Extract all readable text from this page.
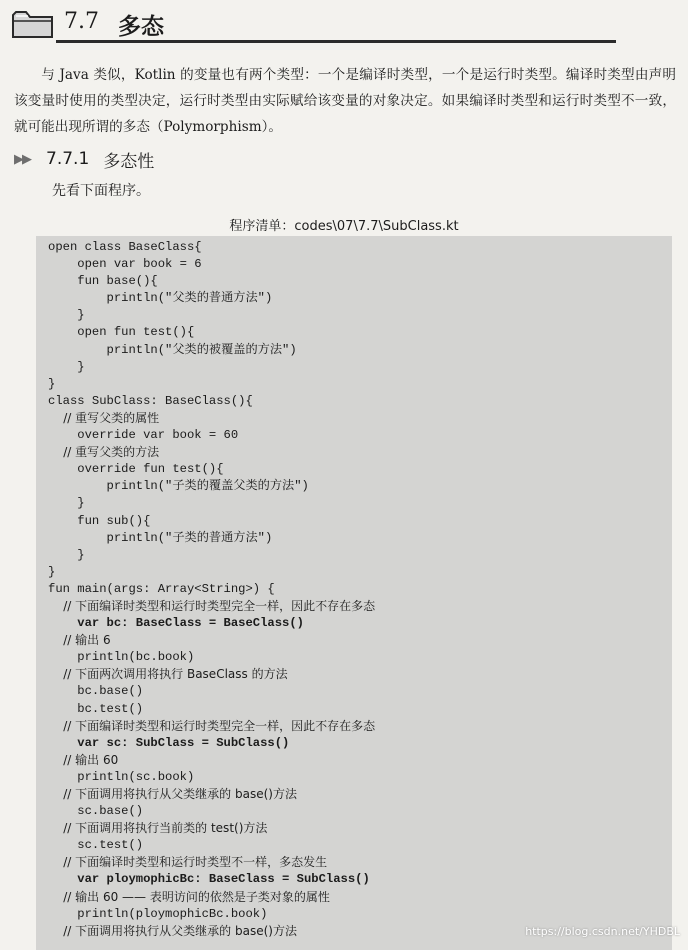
7.7 多态
与 Java 类似，Kotlin 的变量也有两个类型：一个是编译时类型，一个是运行时类型。编译时类型由声明该变量时使用的类型决定，运行时类型由实际赋给该变量的对象决定。如果编译时类型和运行时类型不一致，就可能出现所谓的多态（Polymorphism）。
▶▶ 7.7.1 多态性
先看下面程序。
程序清单：codes\07\7.7\SubClass.kt
open class BaseClass{
open var book = 6
fun base(){
println("父类的普通方法")
}
open fun test(){
println("父类的被覆盖的方法")
}
}
class SubClass: BaseClass(){
// 重写父类的属性
override var book = 60
// 重写父类的方法
override fun test(){
println("子类的覆盖父类的方法")
}
fun sub(){
println("子类的普通方法")
}
}
fun main(args: Array<String>) {
// 下面编译时类型和运行时类型完全一样，因此不存在多态
var bc: BaseClass = BaseClass()
// 输出 6
println(bc.book)
// 下面两次调用将执行 BaseClass 的方法
bc.base()
bc.test()
// 下面编译时类型和运行时类型完全一样，因此不存在多态
var sc: SubClass = SubClass()
// 输出 60
println(sc.book)
// 下面调用将执行从父类继承的 base()方法
sc.base()
// 下面调用将执行当前类的 test()方法
sc.test()
// 下面编译时类型和运行时类型不一样，多态发生
var ploymophicBc: BaseClass = SubClass()
// 输出 60 —— 表明访问的依然是子类对象的属性
println(ploymophicBc.book)
// 下面调用将执行从父类继承的 base()方法	https://blog.csdn.net/YHDBL
